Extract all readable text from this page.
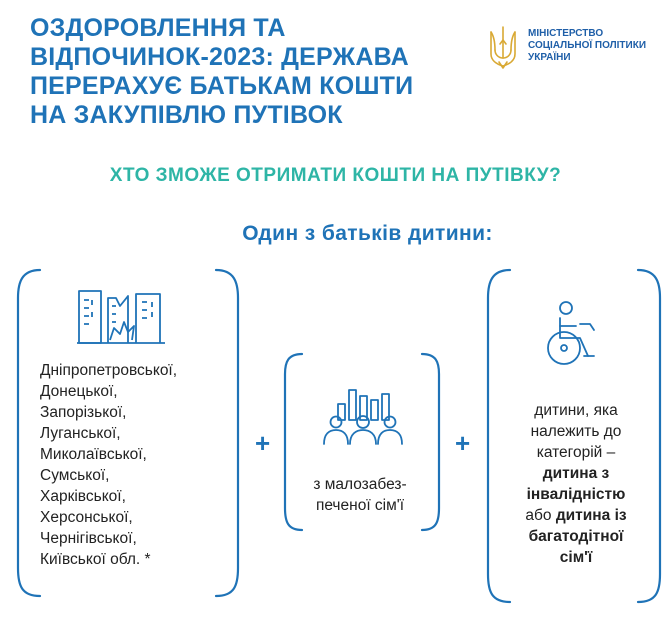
ОЗДОРОВЛЕННЯ ТА
ВІДПОЧИНОК-2023: ДЕРЖАВА
ПЕРЕРАХУЄ БАТЬКАМ КОШТИ
НА ЗАКУПІВЛЮ ПУТІВОК
МІНІСТЕРСТВО
СОЦІАЛЬНОЇ ПОЛІТИКИ
УКРАЇНИ
ХТО ЗМОЖЕ ОТРИМАТИ КОШТИ НА ПУТІВКУ?
Один з батьків дитини:
Дніпропетровської,
Донецької,
Запорізької,
Луганської,
Миколаївської,
Сумської,
Харківської,
Херсонської,
Чернігівської,
Київської обл. *
+
з малозабез-
печеної сім'ї
+
дитини, яка
належить до
категорій –
дитина з
інвалідністю
або дитина із
багатодітної
сім'ї
